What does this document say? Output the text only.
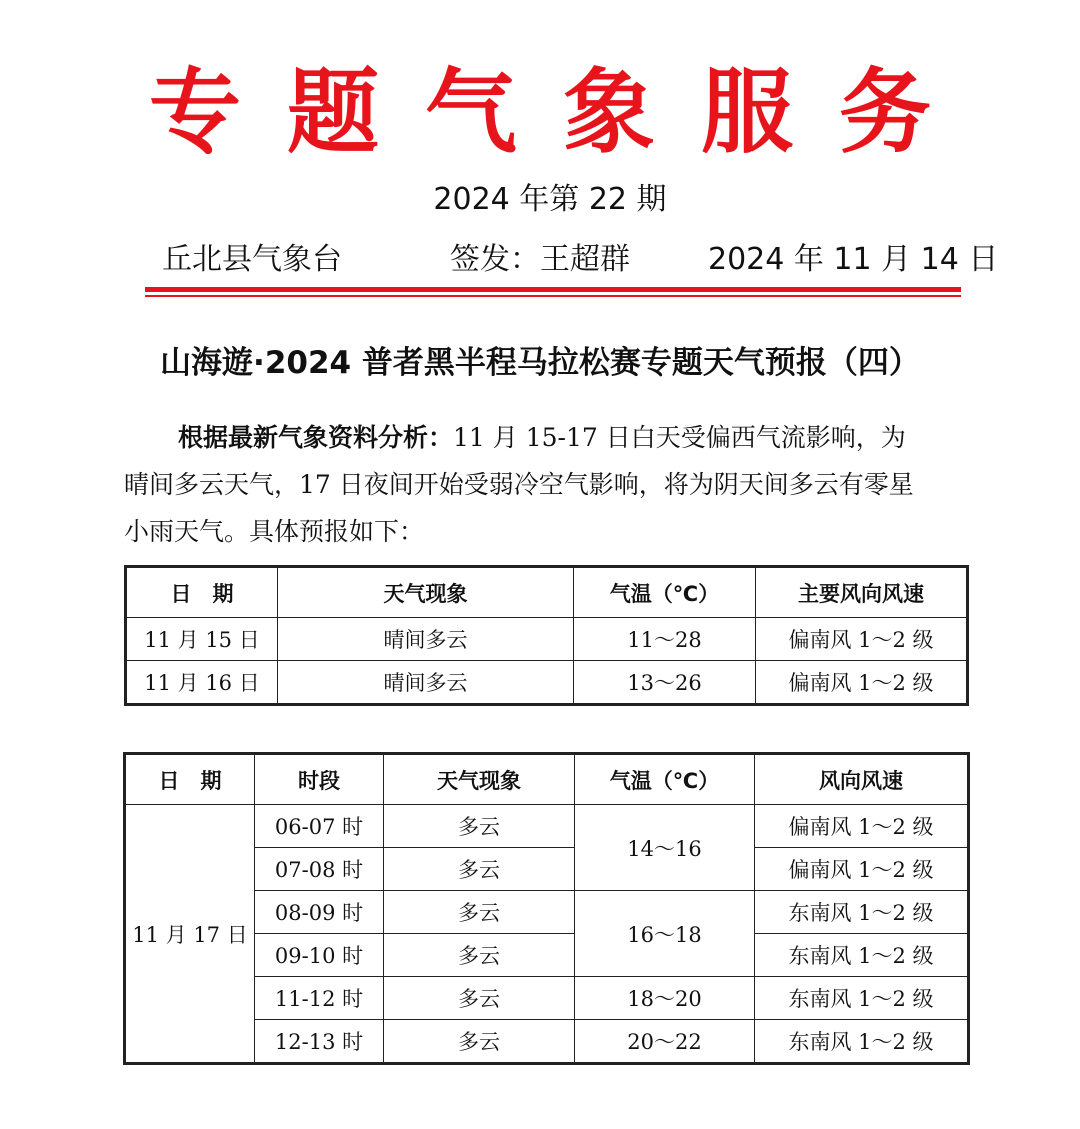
专题气象服务
2024 年第 22 期
丘北县气象台	签发：王超群	2024 年 11 月 14 日
山海遊·2024 普者黑半程马拉松赛专题天气预报（四）
根据最新气象资料分析：11 月 15-17 日白天受偏西气流影响，为晴间多云天气，17 日夜间开始受弱冷空气影响，将为阴天间多云有零星小雨天气。具体预报如下：
日　期	天气现象	气温（℃）	主要风向风速
11 月 15 日	晴间多云	11～28	偏南风 1～2 级
11 月 16 日	晴间多云	13～26	偏南风 1～2 级
日　期	时段	天气现象	气温（℃）	风向风速
11 月 17 日	06-07 时	多云	14～16	偏南风 1～2 级
	07-08 时	多云		偏南风 1～2 级
	08-09 时	多云	16～18	东南风 1～2 级
	09-10 时	多云		东南风 1～2 级
	11-12 时	多云	18～20	东南风 1～2 级
	12-13 时	多云	20～22	东南风 1～2 级
